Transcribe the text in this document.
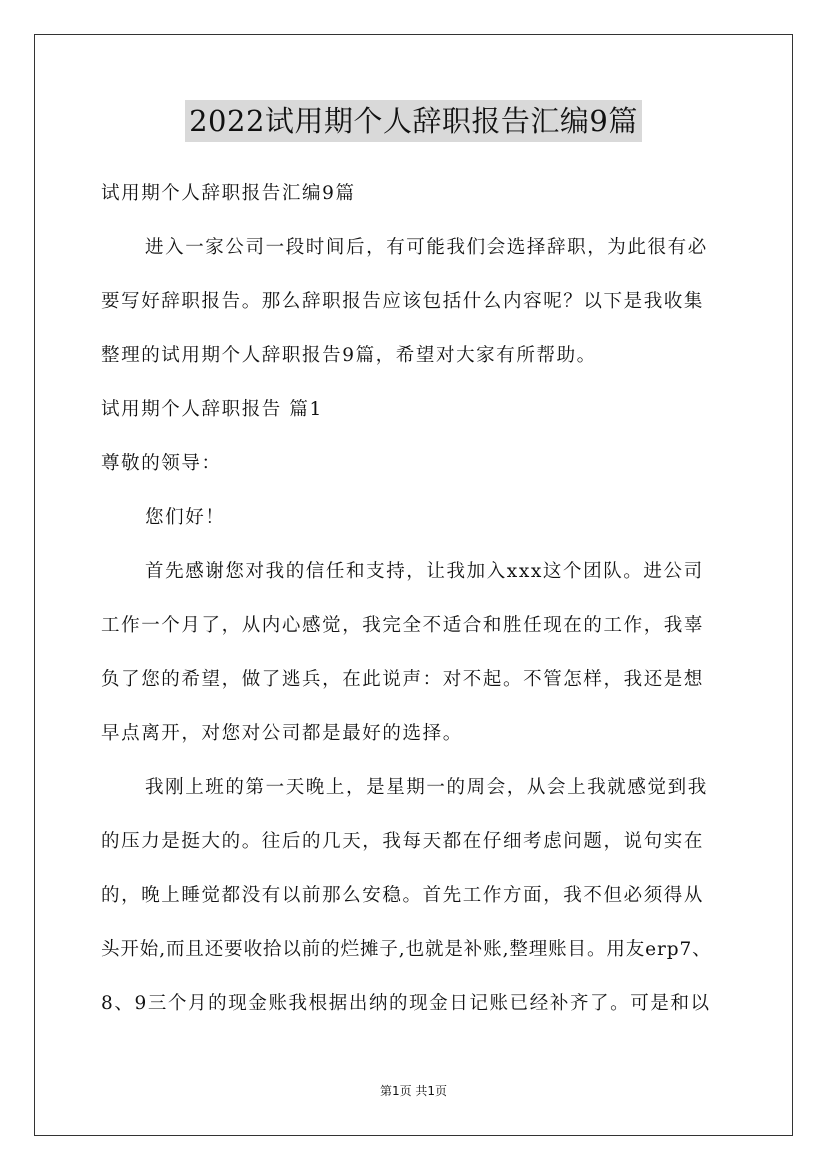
2022试用期个人辞职报告汇编9篇
试用期个人辞职报告汇编9篇
进入一家公司一段时间后，有可能我们会选择辞职，为此很有必
要写好辞职报告。那么辞职报告应该包括什么内容呢？以下是我收集
整理的试用期个人辞职报告9篇，希望对大家有所帮助。
试用期个人辞职报告 篇1
尊敬的领导：
您们好！
首先感谢您对我的信任和支持，让我加入xxx这个团队。进公司
工作一个月了，从内心感觉，我完全不适合和胜任现在的工作，我辜
负了您的希望，做了逃兵，在此说声：对不起。不管怎样，我还是想
早点离开，对您对公司都是最好的选择。
我刚上班的第一天晚上，是星期一的周会，从会上我就感觉到我
的压力是挺大的。往后的几天，我每天都在仔细考虑问题，说句实在
的，晚上睡觉都没有以前那么安稳。首先工作方面，我不但必须得从
头开始,而且还要收拾以前的烂摊子,也就是补账,整理账目。用友erp7、
8、9三个月的现金账我根据出纳的现金日记账已经补齐了。可是和以
第1页 共1页
